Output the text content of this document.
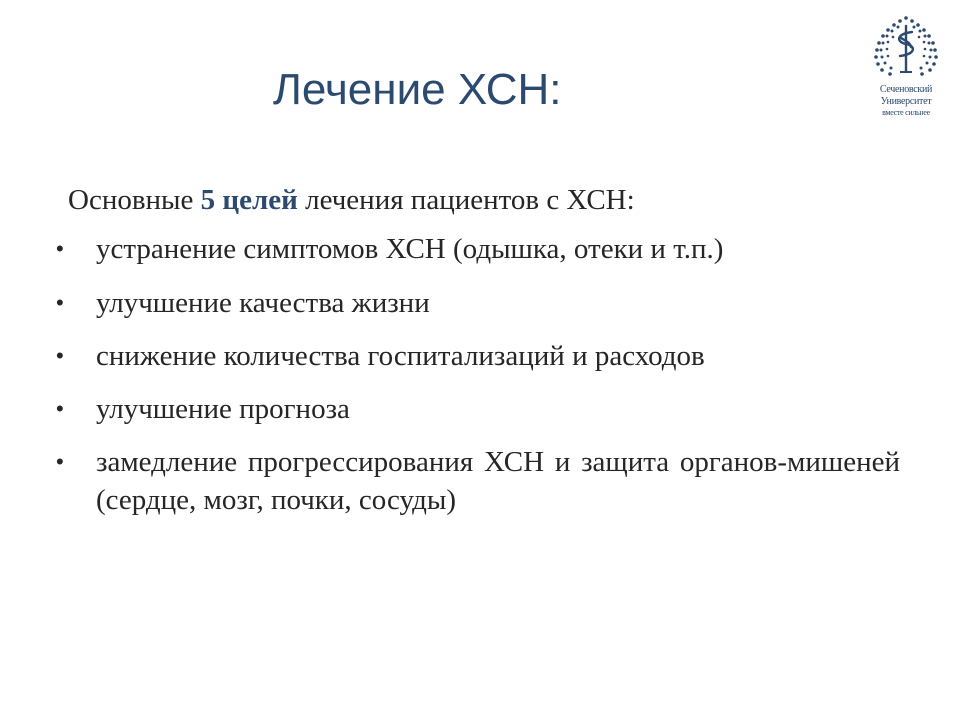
Лечение ХСН:	Сеченовский
Университет
вместе сильнее

Основные 5 целей лечения пациентов с ХСН:

• устранение симптомов ХСН (одышка, отеки и т.п.)
• улучшение качества жизни
• снижение количества госпитализаций и расходов
• улучшение прогноза
• замедление прогрессирования ХСН и защита органов-мишеней (сердце, мозг, почки, сосуды)
